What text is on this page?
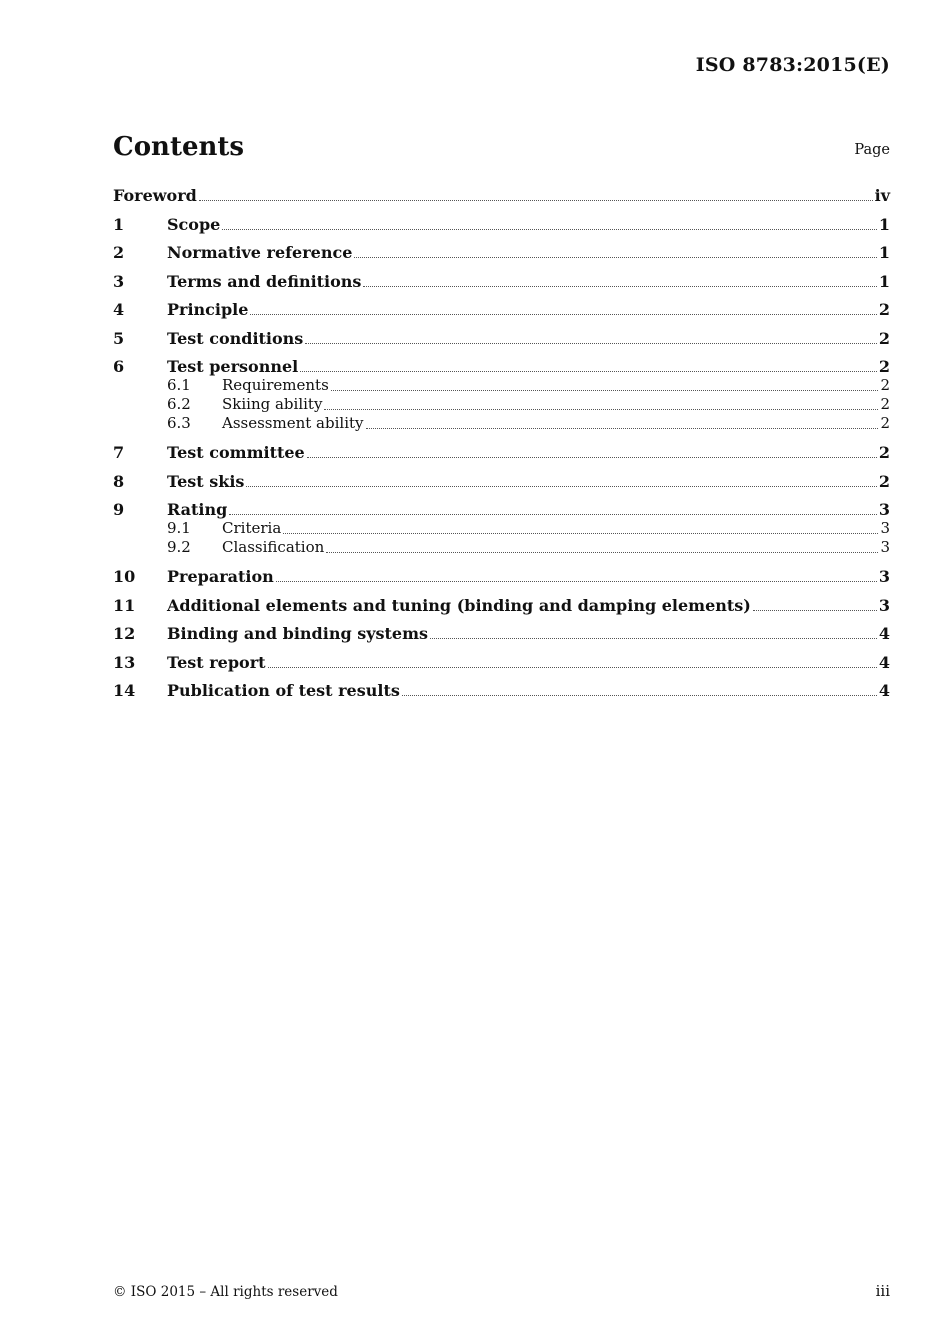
ISO 8783:2015(E)
Contents	Page
Foreword	iv
1	Scope	1
2	Normative reference	1
3	Terms and definitions	1
4	Principle	2
5	Test conditions	2
6	Test personnel	2
6.1	Requirements	2
6.2	Skiing ability	2
6.3	Assessment ability	2
7	Test committee	2
8	Test skis	2
9	Rating	3
9.1	Criteria	3
9.2	Classification	3
10	Preparation	3
11	Additional elements and tuning (binding and damping elements)	3
12	Binding and binding systems	4
13	Test report	4
14	Publication of test results	4
© ISO 2015 – All rights reserved	iii
